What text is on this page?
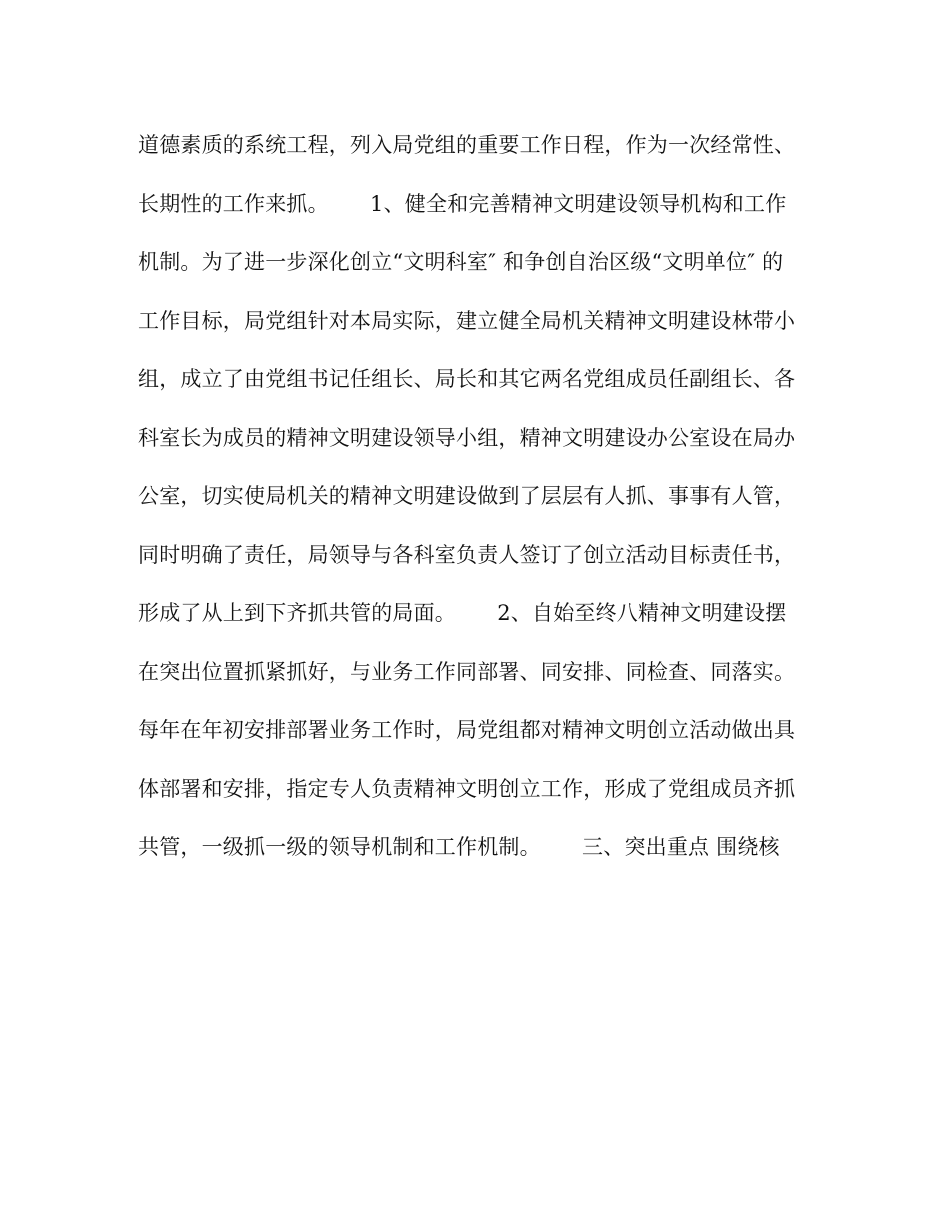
道德素质的系统工程，列入局党组的重要工作日程，作为一次经常性、
长期性的工作来抓。      1、健全和完善精神文明建设领导机构和工作
机制。为了进一步深化创立“文明科室″ 和争创自治区级“文明单位″ 的
工作目标，局党组针对本局实际，建立健全局机关精神文明建设林带小
组，成立了由党组书记任组长、局长和其它两名党组成员任副组长、各
科室长为成员的精神文明建设领导小组，精神文明建设办公室设在局办
公室，切实使局机关的精神文明建设做到了层层有人抓、事事有人管，
同时明确了责任，局领导与各科室负责人签订了创立活动目标责任书，
形成了从上到下齐抓共管的局面。      2、自始至终八精神文明建设摆
在突出位置抓紧抓好，与业务工作同部署、同安排、同检查、同落实。
每年在年初安排部署业务工作时，局党组都对精神文明创立活动做出具
体部署和安排，指定专人负责精神文明创立工作，形成了党组成员齐抓
共管，一级抓一级的领导机制和工作机制。      三、突出重点 围绕核
